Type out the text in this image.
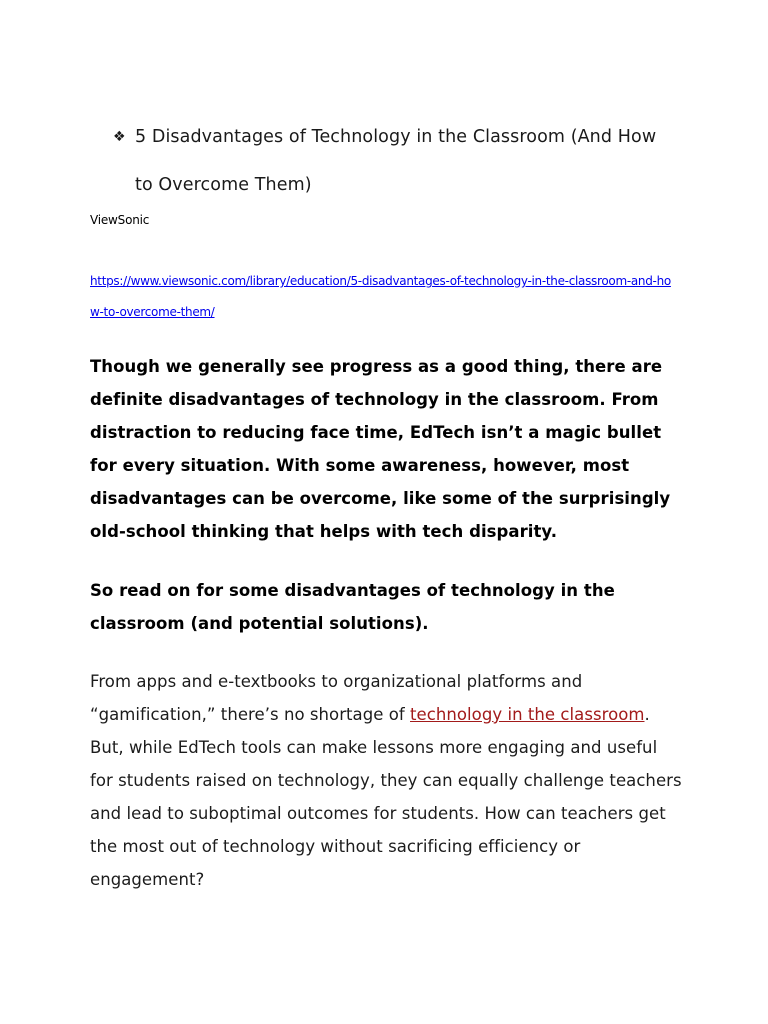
❖ 5 Disadvantages of Technology in the Classroom (And How to Overcome Them)
ViewSonic
https://www.viewsonic.com/library/education/5-disadvantages-of-technology-in-the-classroom-and-how-to-overcome-them/
Though we generally see progress as a good thing, there are definite disadvantages of technology in the classroom. From distraction to reducing face time, EdTech isn’t a magic bullet for every situation. With some awareness, however, most disadvantages can be overcome, like some of the surprisingly old-school thinking that helps with tech disparity.
So read on for some disadvantages of technology in the classroom (and potential solutions).
From apps and e-textbooks to organizational platforms and “gamification,” there’s no shortage of technology in the classroom. But, while EdTech tools can make lessons more engaging and useful for students raised on technology, they can equally challenge teachers and lead to suboptimal outcomes for students. How can teachers get the most out of technology without sacrificing efficiency or engagement?
